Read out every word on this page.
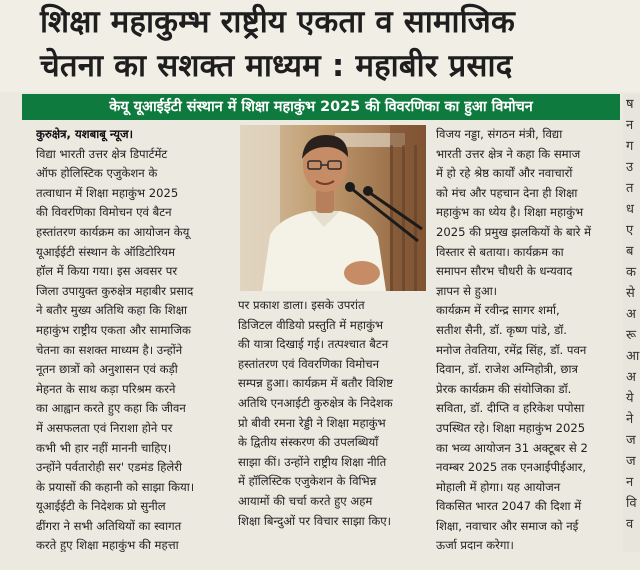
शिक्षा महाकुम्भ राष्ट्रीय एकता व सामाजिक
चेतना का सशक्त माध्यम : महाबीर प्रसाद
केयू यूआईईटी संस्थान में शिक्षा महाकुंभ 2025 की विवरणिका का हुआ विमोचन
कुरुक्षेत्र, यशबाबू न्यूज।
विद्या भारती उत्तर क्षेत्र डिपार्टमेंट
ऑफ होलिस्टिक एजुकेशन के
तत्वाधान में शिक्षा महाकुंभ 2025
की विवरणिका विमोचन एवं बैटन
हस्तांतरण कार्यक्रम का आयोजन केयू
यूआईईटी संस्थान के ऑडिटोरियम
हॉल में किया गया। इस अवसर पर
जिला उपायुक्त कुरुक्षेत्र महाबीर प्रसाद
ने बतौर मुख्य अतिथि कहा कि शिक्षा
महाकुंभ राष्ट्रीय एकता और सामाजिक
चेतना का सशक्त माध्यम है। उन्होंने
नूतन छात्रों को अनुशासन एवं कड़ी
मेहनत के साथ कड़ा परिश्रम करने
का आह्वान करते हुए कहा कि जीवन
में असफलता एवं निराशा होने पर
कभी भी हार नहीं माननी चाहिए।
उन्होंने पर्वतारोही सर' एडमंड हिलेरी
के प्रयासों की कहानी को साझा किया।
यूआईईटी के निदेशक प्रो सुनील
ढींगरा ने सभी अतिथियों का स्वागत
करते हुए शिक्षा महाकुंभ की महत्ता
पर प्रकाश डाला। इसके उपरांत
डिजिटल वीडियो प्रस्तुति में महाकुंभ
की यात्रा दिखाई गई। तत्पश्चात बैटन
हस्तांतरण एवं विवरणिका विमोचन
सम्पन्न हुआ। कार्यक्रम में बतौर विशिष्ट
अतिथि एनआईटी कुरुक्षेत्र के निदेशक
प्रो बीवी रमना रेड्डी ने शिक्षा महाकुंभ
के द्वितीय संस्करण की उपलब्धियाँ
साझा कीं। उन्होंने राष्ट्रीय शिक्षा नीति
में हॉलिस्टिक एजुकेशन के विभिन्न
आयामों की चर्चा करते हुए अहम
शिक्षा बिन्दुओं पर विचार साझा किए।
विजय नड्डा, संगठन मंत्री, विद्या
भारती उत्तर क्षेत्र ने कहा कि समाज
में हो रहे श्रेष्ठ कार्यों और नवाचारों
को मंच और पहचान देना ही शिक्षा
महाकुंभ का ध्येय है। शिक्षा महाकुंभ
2025 की प्रमुख झलकियों के बारे में
विस्तार से बताया। कार्यक्रम का
समापन सौरभ चौधरी के धन्यवाद
ज्ञापन से हुआ।
कार्यक्रम में रवीन्द्र सागर शर्मा,
सतीश सैनी, डॉ. कृष्ण पांडे, डॉ.
मनोज तेवतिया, रमेंद्र सिंह, डॉ. पवन
दिवान, डॉ. राजेश अग्निहोत्री, छात्र
प्रेरक कार्यक्रम की संयोजिका डॉ.
सविता, डॉ. दीप्ति व हरिकेश पपोसा
उपस्थित रहे। शिक्षा महाकुंभ 2025
का भव्य आयोजन 31 अक्टूबर से 2
नवम्बर 2025 तक एनआईपीईआर,
मोहाली में होगा। यह आयोजन
विकसित भारत 2047 की दिशा में
शिक्षा, नवाचार और समाज को नई
ऊर्जा प्रदान करेगा।
ष
न
ग
उ
त
ध
ए
ब
क
से
अ
रू
आ
अ
ये
ने
ज
ज
न
वि
व
